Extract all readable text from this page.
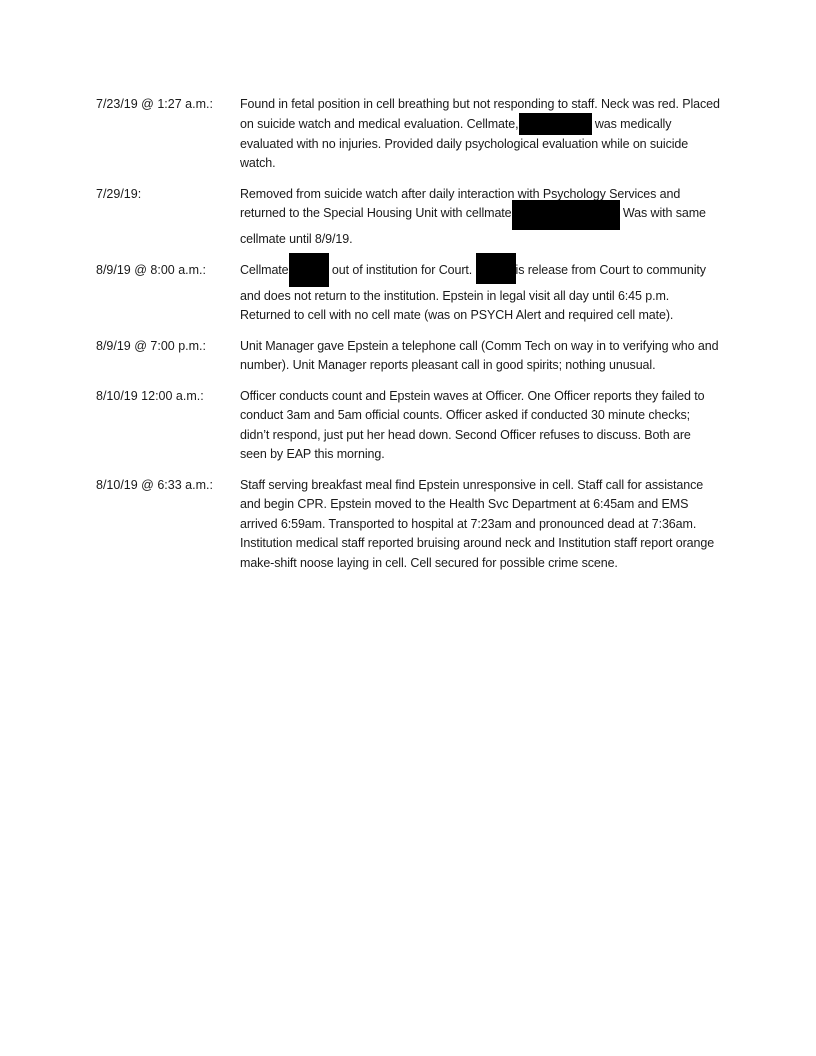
7/23/19 @ 1:27 a.m.:	Found in fetal position in cell breathing but not responding to staff. Neck was red. Placed on suicide watch and medical evaluation. Cellmate,	was medically evaluated with no injuries. Provided daily psychological evaluation while on suicide watch.
7/29/19:	Removed from suicide watch after daily interaction with Psychology Services and returned to the Special Housing Unit with cellmate	Was with same cellmate until 8/9/19.
8/9/19 @ 8:00 a.m.:	Cellmate	out of institution for Court.	is release from Court to community and does not return to the institution. Epstein in legal visit all day until 6:45 p.m. Returned to cell with no cell mate (was on PSYCH Alert and required cell mate).
8/9/19 @ 7:00 p.m.:	Unit Manager gave Epstein a telephone call (Comm Tech on way in to verifying who and number). Unit Manager reports pleasant call in good spirits; nothing unusual.
8/10/19 12:00 a.m.:	Officer conducts count and Epstein waves at Officer. One Officer reports they failed to conduct 3am and 5am official counts. Officer asked if conducted 30 minute checks; didn’t respond, just put her head down. Second Officer refuses to discuss. Both are seen by EAP this morning.
8/10/19 @ 6:33 a.m.:	Staff serving breakfast meal find Epstein unresponsive in cell. Staff call for assistance and begin CPR. Epstein moved to the Health Svc Department at 6:45am and EMS arrived 6:59am. Transported to hospital at 7:23am and pronounced dead at 7:36am. Institution medical staff reported bruising around neck and Institution staff report orange make-shift noose laying in cell. Cell secured for possible crime scene.
